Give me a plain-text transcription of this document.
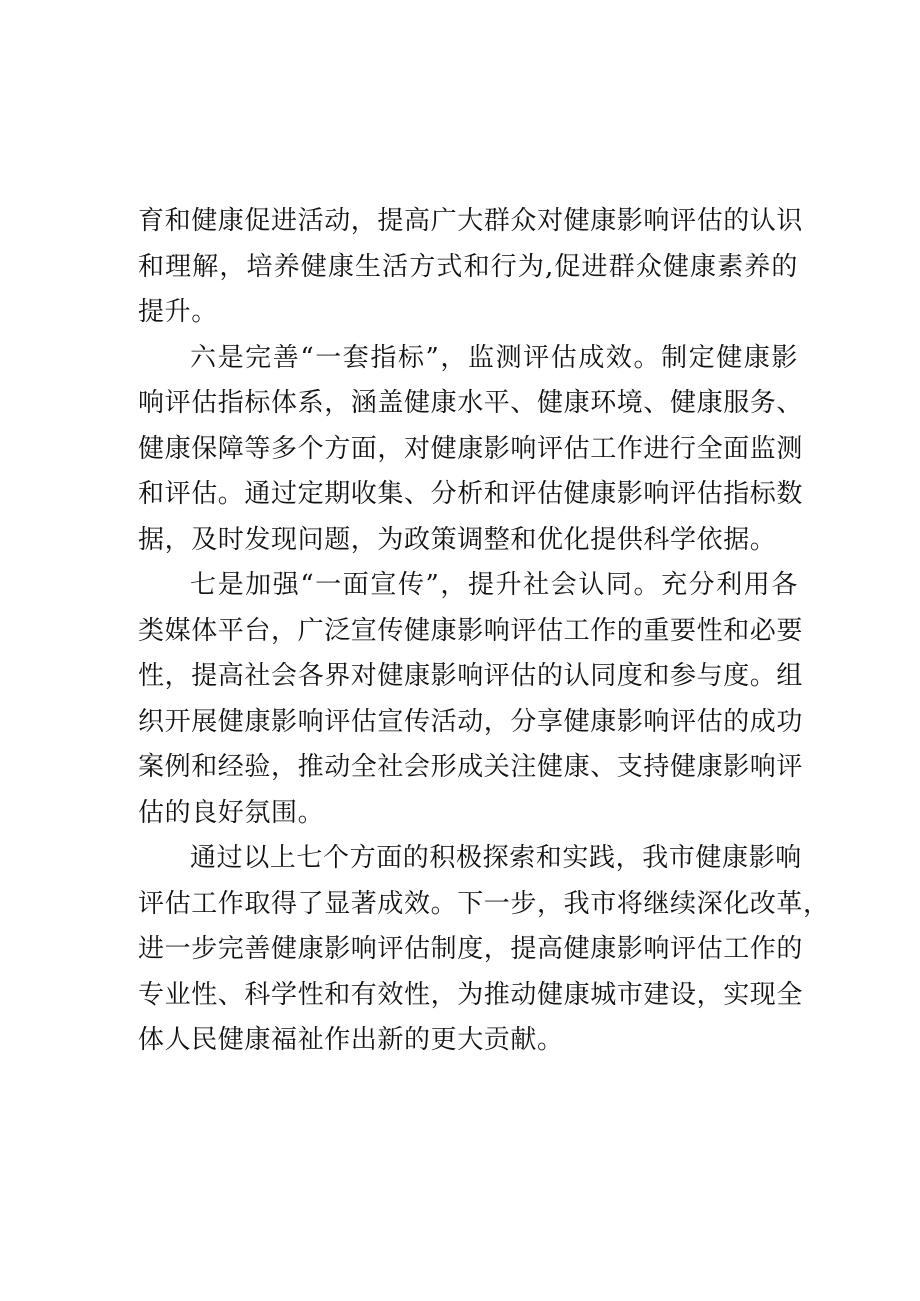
育和健康促进活动，提高广大群众对健康影响评估的认识
和理解，培养健康生活方式和行为,促进群众健康素养的
提升。
六是完善“一套指标”，监测评估成效。制定健康影
响评估指标体系，涵盖健康水平、健康环境、健康服务、
健康保障等多个方面，对健康影响评估工作进行全面监测
和评估。通过定期收集、分析和评估健康影响评估指标数
据，及时发现问题，为政策调整和优化提供科学依据。
七是加强“一面宣传”，提升社会认同。充分利用各
类媒体平台，广泛宣传健康影响评估工作的重要性和必要
性，提高社会各界对健康影响评估的认同度和参与度。组
织开展健康影响评估宣传活动，分享健康影响评估的成功
案例和经验，推动全社会形成关注健康、支持健康影响评
估的良好氛围。
通过以上七个方面的积极探索和实践，我市健康影响
评估工作取得了显著成效。下一步，我市将继续深化改革，
进一步完善健康影响评估制度，提高健康影响评估工作的
专业性、科学性和有效性，为推动健康城市建设，实现全
体人民健康福祉作出新的更大贡献。
